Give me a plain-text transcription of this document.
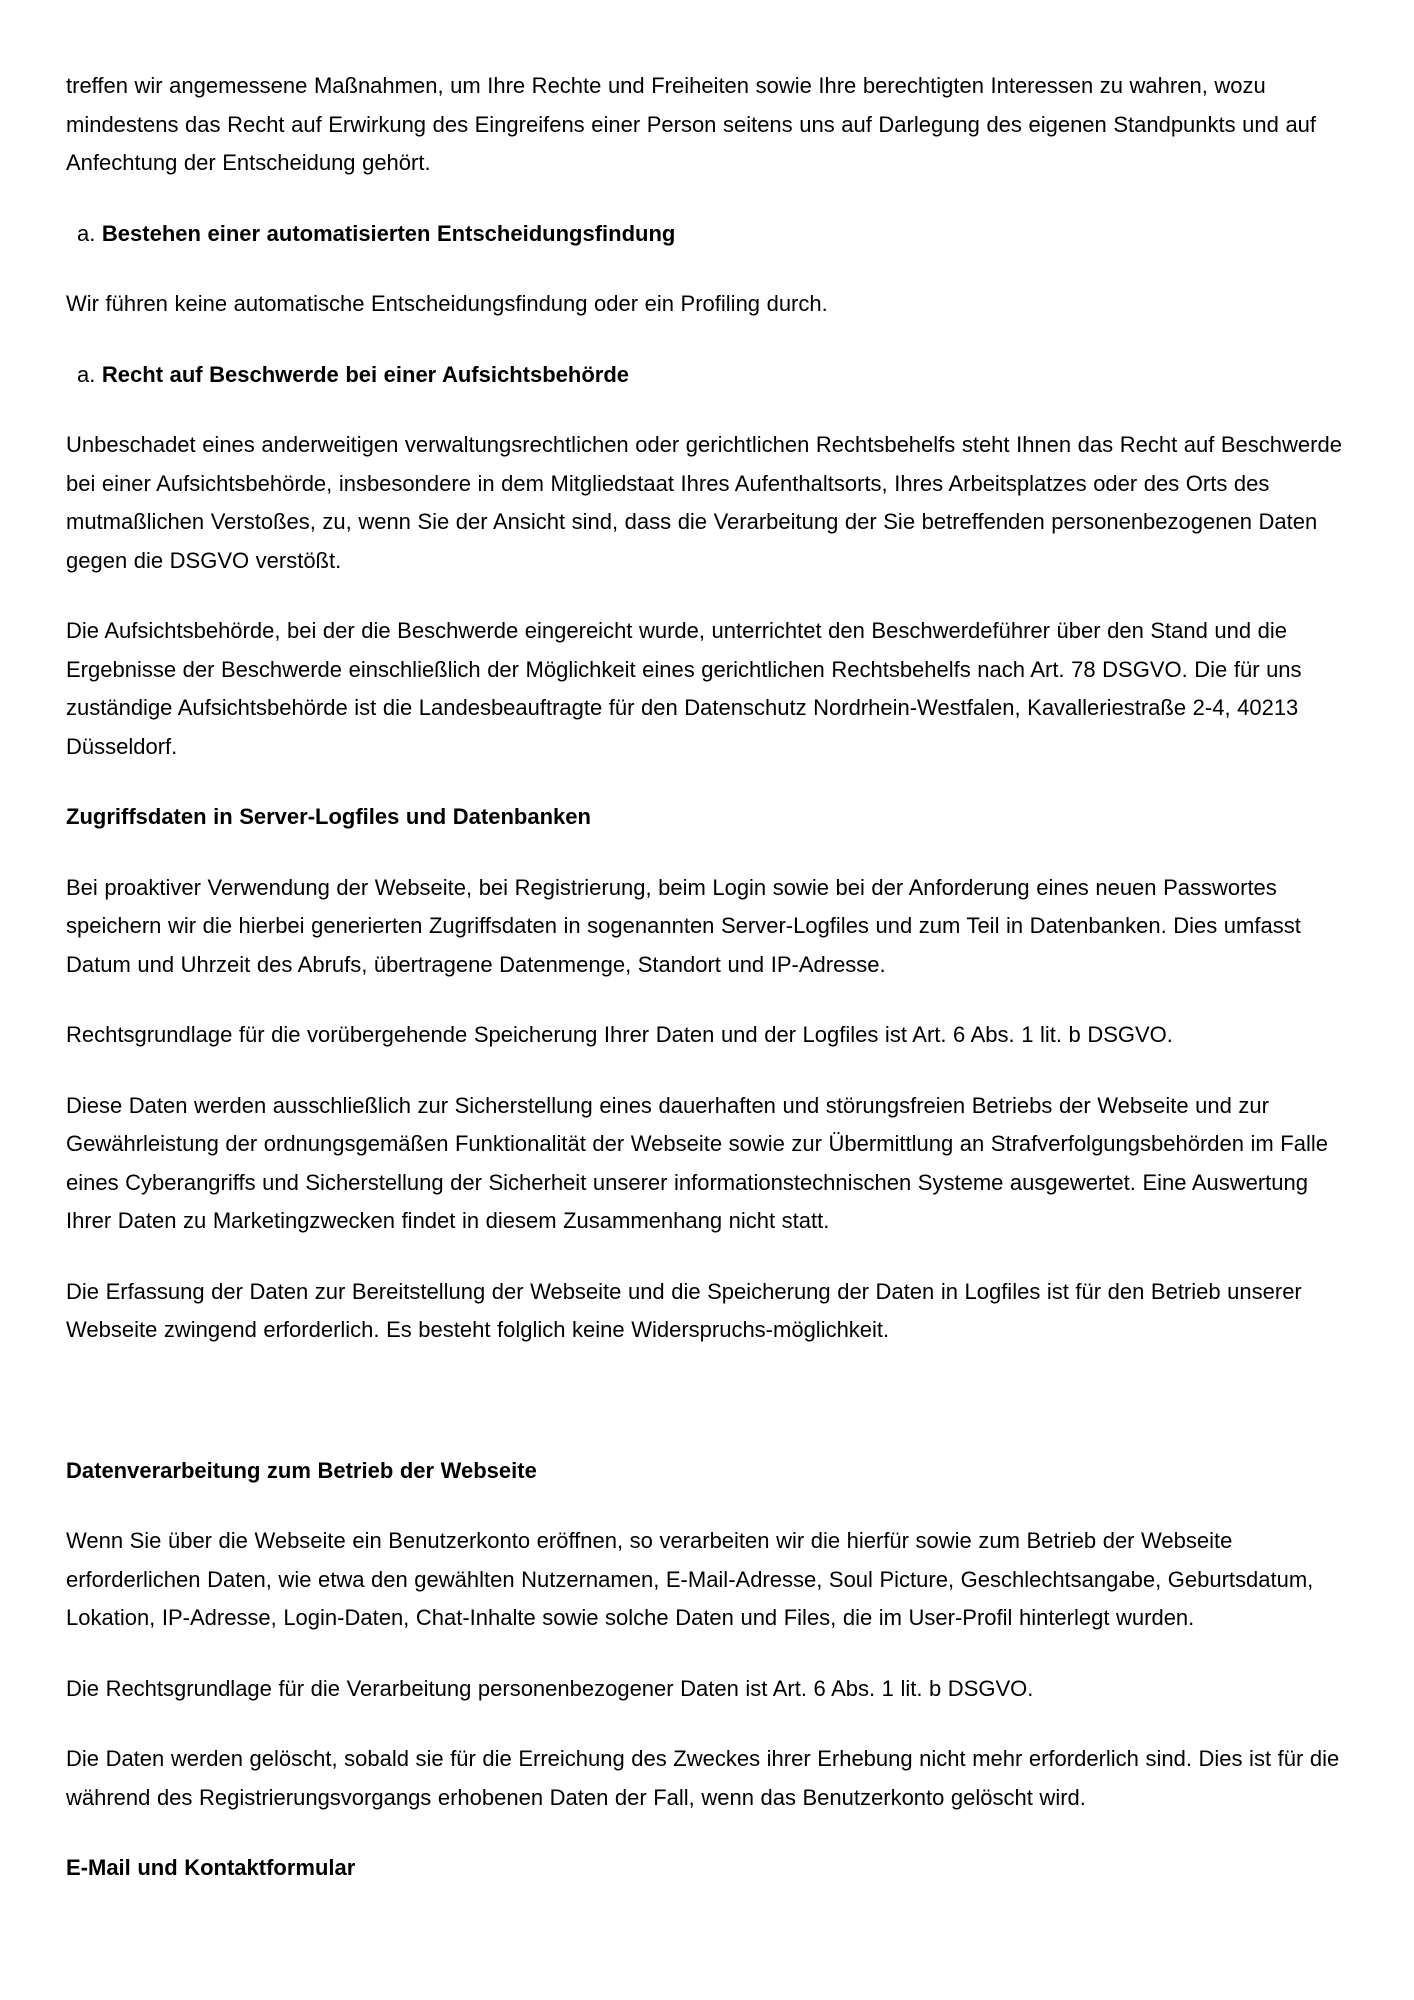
treffen wir angemessene Maßnahmen, um Ihre Rechte und Freiheiten sowie Ihre berechtigten Interessen zu wahren, wozu mindestens das Recht auf Erwirkung des Eingreifens einer Person seitens uns auf Darlegung des eigenen Standpunkts und auf Anfechtung der Entscheidung gehört.

a. Bestehen einer automatisierten Entscheidungsfindung

Wir führen keine automatische Entscheidungsfindung oder ein Profiling durch.

a. Recht auf Beschwerde bei einer Aufsichtsbehörde

Unbeschadet eines anderweitigen verwaltungsrechtlichen oder gerichtlichen Rechtsbehelfs steht Ihnen das Recht auf Beschwerde bei einer Aufsichtsbehörde, insbesondere in dem Mitgliedstaat Ihres Aufenthaltsorts, Ihres Arbeitsplatzes oder des Orts des mutmaßlichen Verstoßes, zu, wenn Sie der Ansicht sind, dass die Verarbeitung der Sie betreffenden personenbezogenen Daten gegen die DSGVO verstößt.

Die Aufsichtsbehörde, bei der die Beschwerde eingereicht wurde, unterrichtet den Beschwerdeführer über den Stand und die Ergebnisse der Beschwerde einschließlich der Möglichkeit eines gerichtlichen Rechtsbehelfs nach Art. 78 DSGVO. Die für uns zuständige Aufsichtsbehörde ist die Landesbeauftragte für den Datenschutz Nordrhein-Westfalen, Kavalleriestraße 2-4, 40213 Düsseldorf.

Zugriffsdaten in Server-Logfiles und Datenbanken

Bei proaktiver Verwendung der Webseite, bei Registrierung, beim Login sowie bei der Anforderung eines neuen Passwortes speichern wir die hierbei generierten Zugriffsdaten in sogenannten Server-Logfiles und zum Teil in Datenbanken. Dies umfasst Datum und Uhrzeit des Abrufs, übertragene Datenmenge, Standort und IP-Adresse.

Rechtsgrundlage für die vorübergehende Speicherung Ihrer Daten und der Logfiles ist Art. 6 Abs. 1 lit. b DSGVO.

Diese Daten werden ausschließlich zur Sicherstellung eines dauerhaften und störungsfreien Betriebs der Webseite und zur Gewährleistung der ordnungsgemäßen Funktionalität der Webseite sowie zur Übermittlung an Strafverfolgungsbehörden im Falle eines Cyberangriffs und Sicherstellung der Sicherheit unserer informationstechnischen Systeme ausgewertet. Eine Auswertung Ihrer Daten zu Marketingzwecken findet in diesem Zusammenhang nicht statt.

Die Erfassung der Daten zur Bereitstellung der Webseite und die Speicherung der Daten in Logfiles ist für den Betrieb unserer Webseite zwingend erforderlich. Es besteht folglich keine Widerspruchs-möglichkeit.

Datenverarbeitung zum Betrieb der Webseite

Wenn Sie über die Webseite ein Benutzerkonto eröffnen, so verarbeiten wir die hierfür sowie zum Betrieb der Webseite erforderlichen Daten, wie etwa den gewählten Nutzernamen, E-Mail-Adresse, Soul Picture, Geschlechtsangabe, Geburtsdatum, Lokation, IP-Adresse, Login-Daten, Chat-Inhalte sowie solche Daten und Files, die im User-Profil hinterlegt wurden.

Die Rechtsgrundlage für die Verarbeitung personenbezogener Daten ist Art. 6 Abs. 1 lit. b DSGVO.

Die Daten werden gelöscht, sobald sie für die Erreichung des Zweckes ihrer Erhebung nicht mehr erforderlich sind. Dies ist für die während des Registrierungsvorgangs erhobenen Daten der Fall, wenn das Benutzerkonto gelöscht wird.

E-Mail und Kontaktformular
